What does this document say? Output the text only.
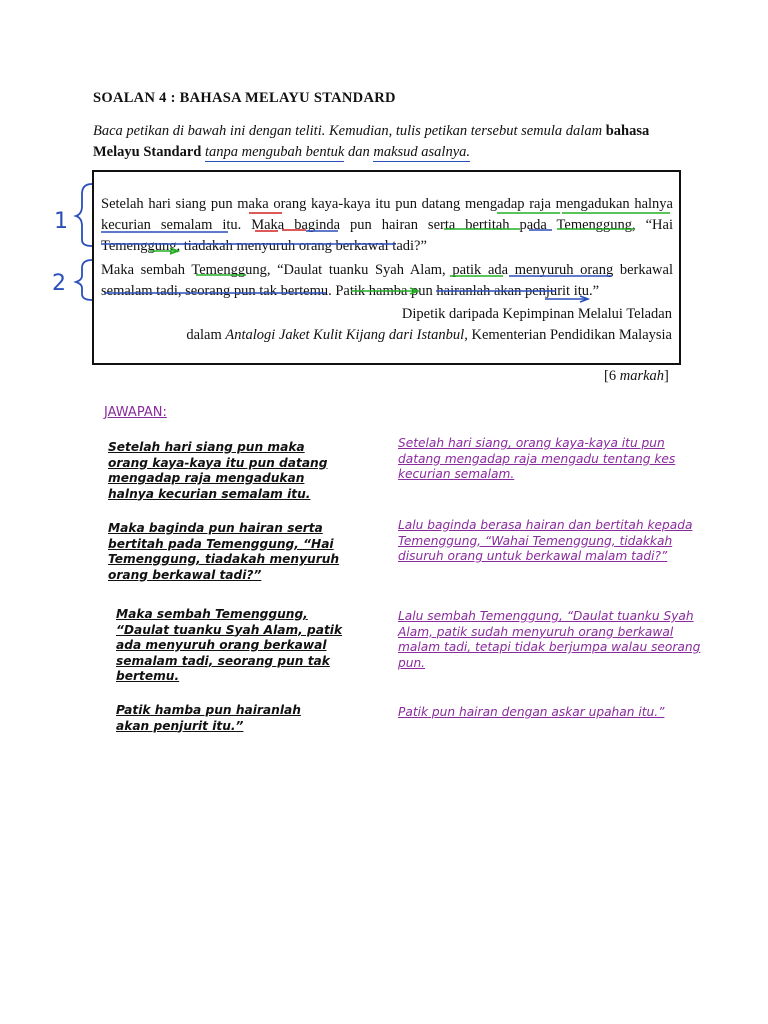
SOALAN 4 : BAHASA MELAYU STANDARD
Baca petikan di bawah ini dengan teliti. Kemudian, tulis petikan tersebut semula dalam bahasa Melayu Standard tanpa mengubah bentuk dan maksud asalnya.
Setelah hari siang pun maka orang kaya-kaya itu pun datang mengadap raja mengadukan halnya kecurian semalam itu. Maka baginda pun hairan serta bertitah pada Temenggung, “Hai Temenggung, tiadakah menyuruh orang berkawal tadi?”
Maka sembah Temenggung, “Daulat tuanku Syah Alam, patik ada menyuruh orang berkawal semalam tadi, seorang pun tak bertemu. Patik hamba pun hairanlah akan penjurit itu.”
Dipetik daripada Kepimpinan Melalui Teladan
dalam Antalogi Jaket Kulit Kijang dari Istanbul, Kementerian Pendidikan Malaysia
[6 markah]
1
2
JAWAPAN:
Setelah hari siang pun maka orang kaya-kaya itu pun datang mengadap raja mengadukan halnya kecurian semalam itu.
Setelah hari siang, orang kaya-kaya itu pun datang mengadap raja mengadu tentang kes kecurian semalam.
Maka baginda pun hairan serta bertitah pada Temenggung, “Hai Temenggung, tiadakah menyuruh orang berkawal tadi?”
Lalu baginda berasa hairan dan bertitah kepada Temenggung, “Wahai Temenggung, tidakkah disuruh orang untuk berkawal malam tadi?”
Maka sembah Temenggung, “Daulat tuanku Syah Alam, patik ada menyuruh orang berkawal semalam tadi, seorang pun tak bertemu.
Lalu sembah Temenggung, “Daulat tuanku Syah Alam, patik sudah menyuruh orang berkawal malam tadi, tetapi tidak berjumpa walau seorang pun.
Patik hamba pun hairanlah akan penjurit itu.”
Patik pun hairan dengan askar upahan itu.”
